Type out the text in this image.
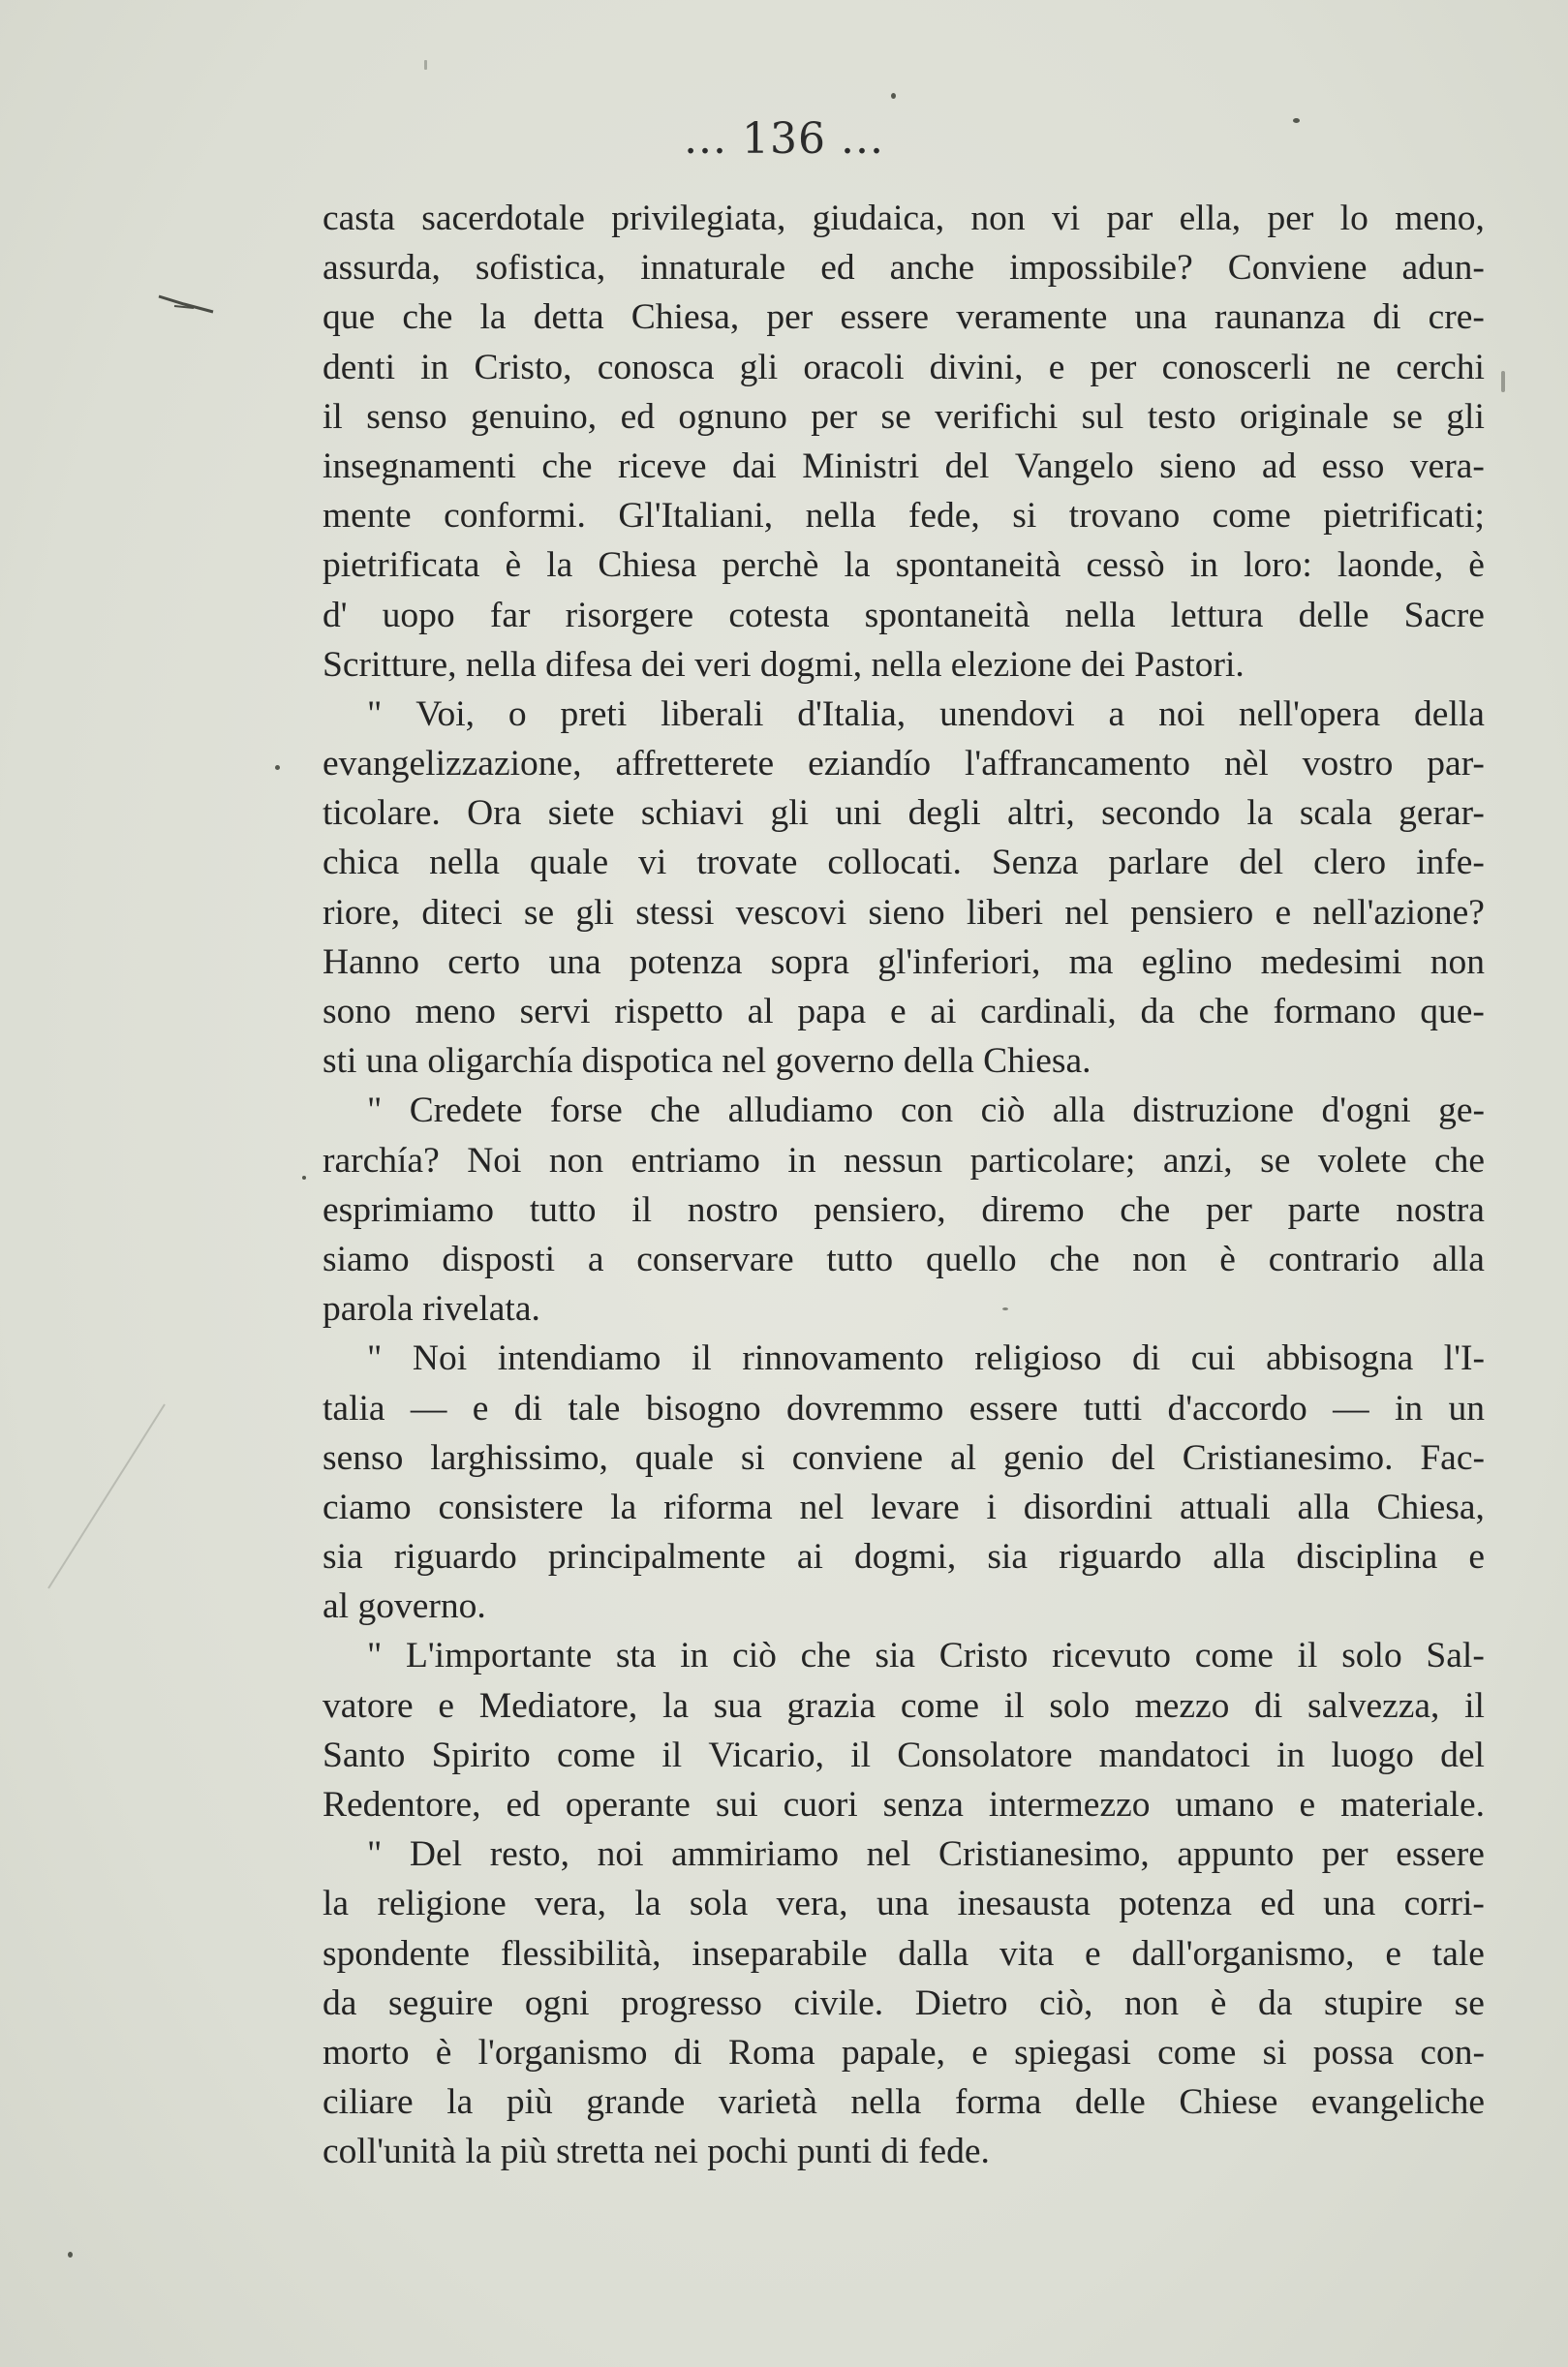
... 136 ...
casta sacerdotale privilegiata, giudaica, non vi par ella, per lo meno,
assurda, sofistica, innaturale ed anche impossibile? Conviene adun-
que che la detta Chiesa, per essere veramente una raunanza di cre-
denti in Cristo, conosca gli oracoli divini, e per conoscerli ne cerchi
il senso genuino, ed ognuno per se verifichi sul testo originale se gli
insegnamenti che riceve dai Ministri del Vangelo sieno ad esso vera-
mente conformi. Gl'Italiani, nella fede, si trovano come pietrificati;
pietrificata è la Chiesa perchè la spontaneità cessò in loro: laonde, è
d' uopo far risorgere cotesta spontaneità nella lettura delle Sacre
Scritture, nella difesa dei veri dogmi, nella elezione dei Pastori.
" Voi, o preti liberali d'Italia, unendovi a noi nell'opera della
evangelizzazione, affretterete eziandío l'affrancamento nèl vostro par-
ticolare. Ora siete schiavi gli uni degli altri, secondo la scala gerar-
chica nella quale vi trovate collocati. Senza parlare del clero infe-
riore, diteci se gli stessi vescovi sieno liberi nel pensiero e nell'azione?
Hanno certo una potenza sopra gl'inferiori, ma eglino medesimi non
sono meno servi rispetto al papa e ai cardinali, da che formano que-
sti una oligarchía dispotica nel governo della Chiesa.
" Credete forse che alludiamo con ciò alla distruzione d'ogni ge-
rarchía? Noi non entriamo in nessun particolare; anzi, se volete che
esprimiamo tutto il nostro pensiero, diremo che per parte nostra
siamo disposti a conservare tutto quello che non è contrario alla
parola rivelata.
" Noi intendiamo il rinnovamento religioso di cui abbisogna l'I-
talia — e di tale bisogno dovremmo essere tutti d'accordo — in un
senso larghissimo, quale si conviene al genio del Cristianesimo. Fac-
ciamo consistere la riforma nel levare i disordini attuali alla Chiesa,
sia riguardo principalmente ai dogmi, sia riguardo alla disciplina e
al governo.
" L'importante sta in ciò che sia Cristo ricevuto come il solo Sal-
vatore e Mediatore, la sua grazia come il solo mezzo di salvezza, il
Santo Spirito come il Vicario, il Consolatore mandatoci in luogo del
Redentore, ed operante sui cuori senza intermezzo umano e materiale.
" Del resto, noi ammiriamo nel Cristianesimo, appunto per essere
la religione vera, la sola vera, una inesausta potenza ed una corri-
spondente flessibilità, inseparabile dalla vita e dall'organismo, e tale
da seguire ogni progresso civile. Dietro ciò, non è da stupire se
morto è l'organismo di Roma papale, e spiegasi come si possa con-
ciliare la più grande varietà nella forma delle Chiese evangeliche
coll'unità la più stretta nei pochi punti di fede.
